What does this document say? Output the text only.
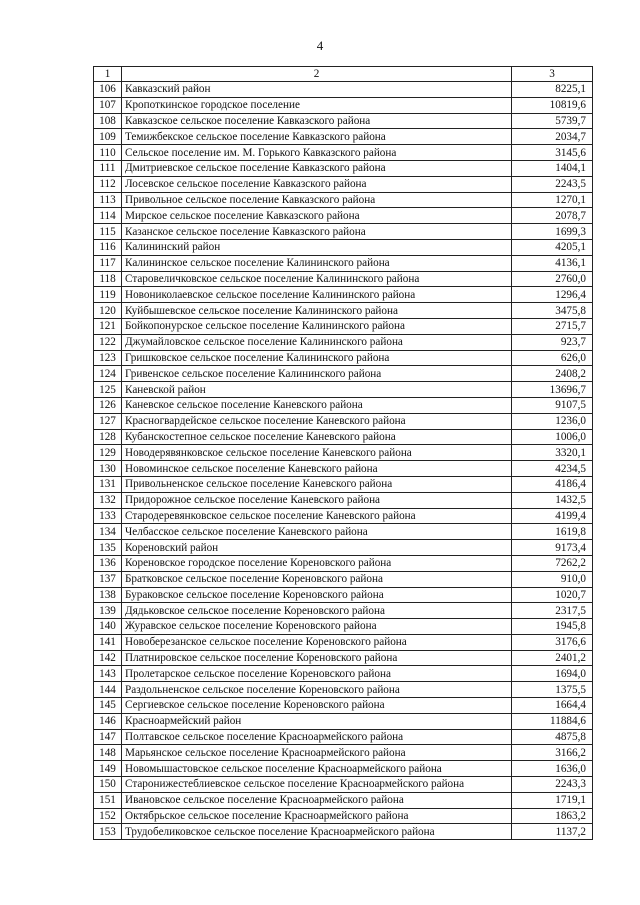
4
1	2	3
106	Кавказский район	8225,1
107	Кропоткинское городское поселение	10819,6
108	Кавказское сельское поселение Кавказского района	5739,7
109	Темижбекское сельское поселение Кавказского района	2034,7
110	Сельское поселение им. М. Горького Кавказского района	3145,6
111	Дмитриевское сельское поселение Кавказского района	1404,1
112	Лосевское сельское поселение Кавказского района	2243,5
113	Привольное сельское поселение Кавказского района	1270,1
114	Мирское сельское поселение Кавказского района	2078,7
115	Казанское сельское поселение Кавказского района	1699,3
116	Калининский район	4205,1
117	Калининское сельское поселение Калининского района	4136,1
118	Старовеличковское сельское поселение Калининского района	2760,0
119	Новониколаевское сельское поселение Калининского района	1296,4
120	Куйбышевское сельское поселение Калининского района	3475,8
121	Бойкопонурское сельское поселение Калининского района	2715,7
122	Джумайловское сельское поселение Калининского района	923,7
123	Гришковское сельское поселение Калининского района	626,0
124	Гривенское сельское поселение Калининского района	2408,2
125	Каневской район	13696,7
126	Каневское сельское поселение Каневского района	9107,5
127	Красногвардейское сельское поселение Каневского района	1236,0
128	Кубанскостепное сельское поселение Каневского района	1006,0
129	Новодерявянковское сельское поселение Каневского района	3320,1
130	Новоминское сельское поселение Каневского района	4234,5
131	Привольненское сельское поселение Каневского района	4186,4
132	Придорожное сельское поселение Каневского района	1432,5
133	Стародеревянковское сельское поселение Каневского района	4199,4
134	Челбасское сельское поселение Каневского района	1619,8
135	Кореновский район	9173,4
136	Кореновское городское поселение Кореновского района	7262,2
137	Братковское сельское поселение Кореновского района	910,0
138	Бураковское сельское поселение Кореновского района	1020,7
139	Дядьковское сельское поселение Кореновского района	2317,5
140	Журавское сельское поселение Кореновского района	1945,8
141	Новоберезанское сельское поселение Кореновского района	3176,6
142	Платнировское сельское поселение Кореновского района	2401,2
143	Пролетарское сельское поселение Кореновского района	1694,0
144	Раздольненское сельское поселение Кореновского района	1375,5
145	Сергиевское сельское поселение Кореновского района	1664,4
146	Красноармейский район	11884,6
147	Полтавское сельское поселение Красноармейского района	4875,8
148	Марьянское сельское поселение Красноармейского района	3166,2
149	Новомышастовское сельское поселение Красноармейского района	1636,0
150	Старонижестеблиевское сельское поселение Красноармейского района	2243,3
151	Ивановское сельское поселение Красноармейского района	1719,1
152	Октябрьское сельское поселение Красноармейского района	1863,2
153	Трудобеликовское сельское поселение Красноармейского района	1137,2
